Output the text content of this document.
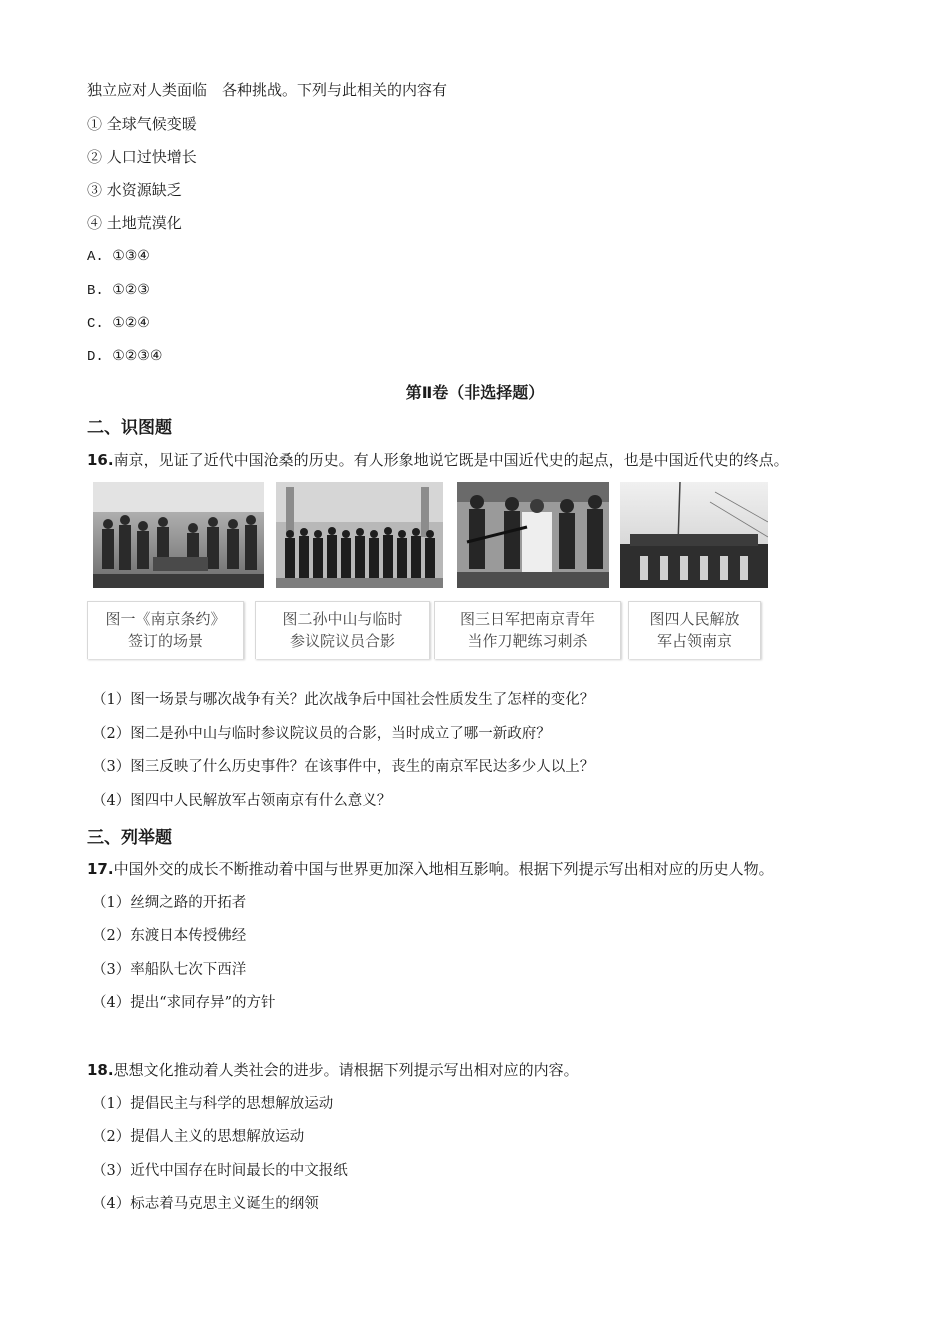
独立应对人类面临　各种挑战。下列与此相关的内容有
① 全球气候变暖
② 人口过快增长
③ 水资源缺乏
④ 土地荒漠化
A. ①③④
B. ①②③
C. ①②④
D. ①②③④
第Ⅱ卷（非选择题）
二、识图题
16.南京，见证了近代中国沧桑的历史。有人形象地说它既是中国近代史的起点，也是中国近代史的终点。
图一《南京条约》
签订的场景
图二孙中山与临时
参议院议员合影
图三日军把南京青年
当作刀靶练习刺杀
图四人民解放
军占领南京
（1）图一场景与哪次战争有关？此次战争后中国社会性质发生了怎样的变化？
（2）图二是孙中山与临时参议院议员的合影，当时成立了哪一新政府？
（3）图三反映了什么历史事件？在该事件中，丧生的南京军民达多少人以上？
（4）图四中人民解放军占领南京有什么意义？
三、列举题
17.中国外交的成长不断推动着中国与世界更加深入地相互影响。根据下列提示写出相对应的历史人物。
（1）丝绸之路的开拓者
（2）东渡日本传授佛经
（3）率船队七次下西洋
（4）提出“求同存异”的方针
18.思想文化推动着人类社会的进步。请根据下列提示写出相对应的内容。
（1）提倡民主与科学的思想解放运动
（2）提倡人主义的思想解放运动
（3）近代中国存在时间最长的中文报纸
（4）标志着马克思主义诞生的纲领
